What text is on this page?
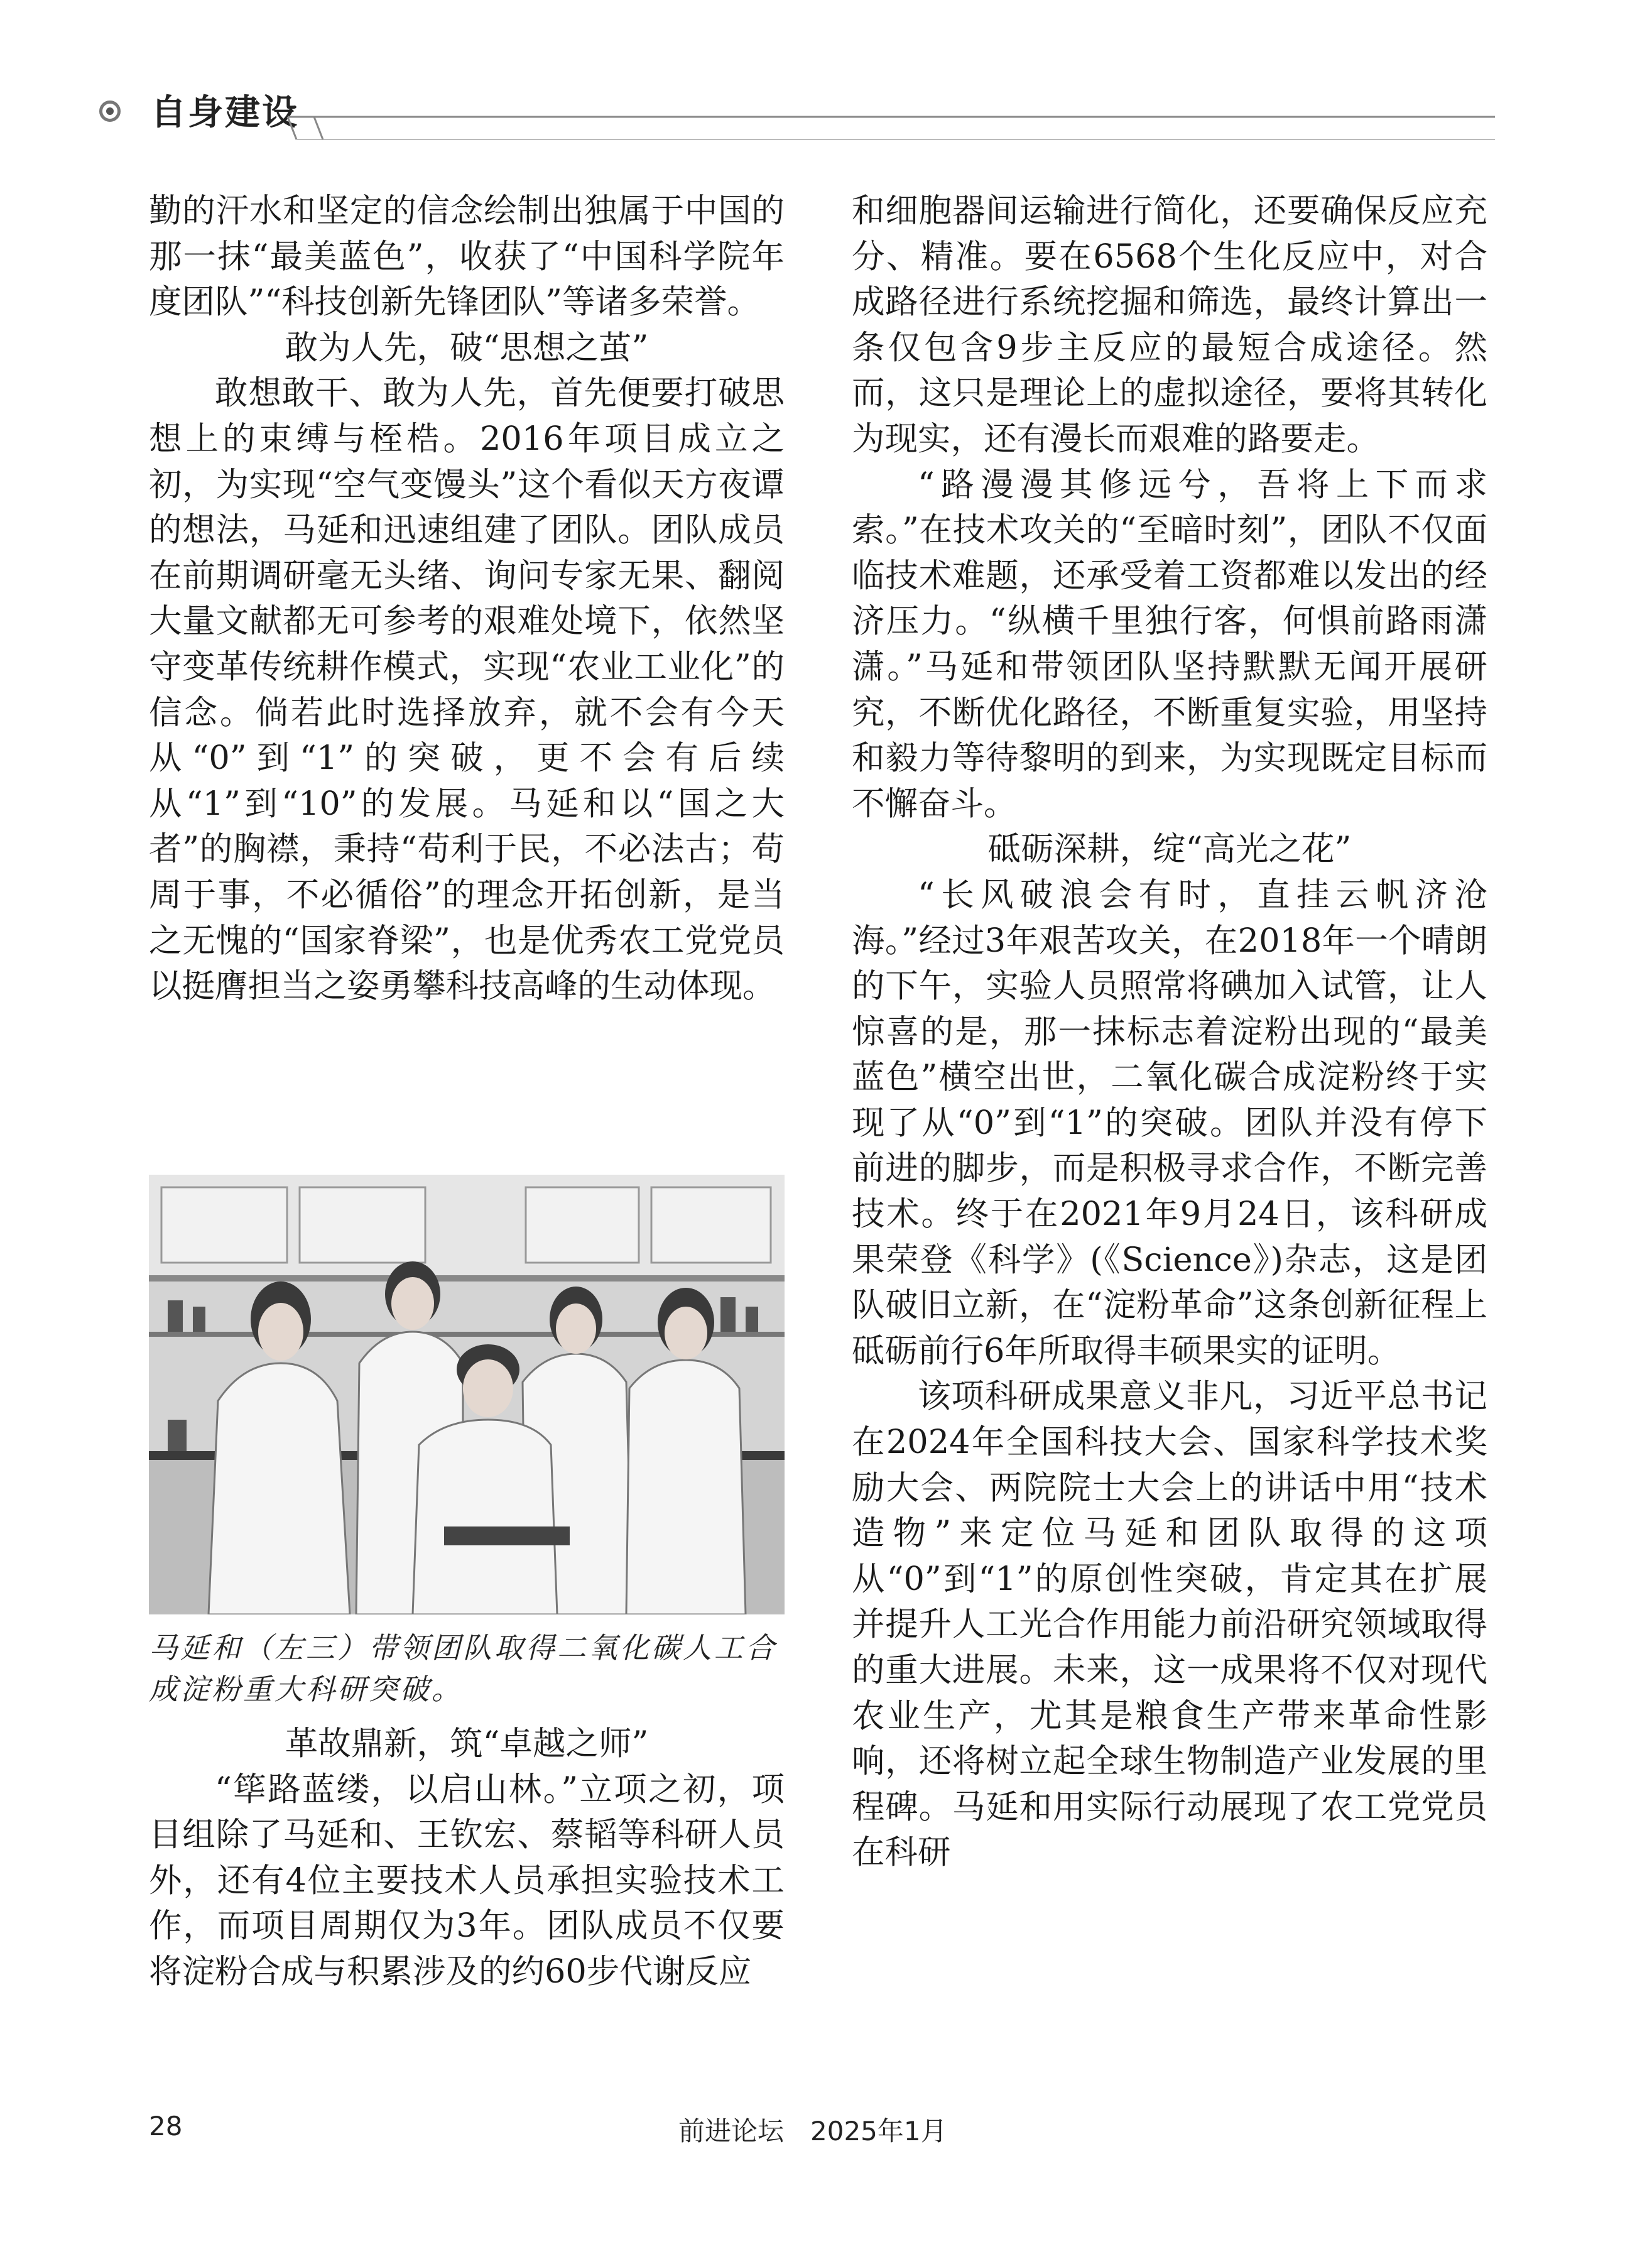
自身建设

勤的汗水和坚定的信念绘制出独属于中国的那一抹“最美蓝色”，收获了“中国科学院年度团队”“科技创新先锋团队”等诸多荣誉。

敢为人先，破“思想之茧”

敢想敢干、敢为人先，首先便要打破思想上的束缚与桎梏。2016年项目成立之初，为实现“空气变馒头”这个看似天方夜谭的想法，马延和迅速组建了团队。团队成员在前期调研毫无头绪、询问专家无果、翻阅大量文献都无可参考的艰难处境下，依然坚守变革传统耕作模式，实现“农业工业化”的信念。倘若此时选择放弃，就不会有今天从“0”到“1”的突破，更不会有后续从“1”到“10”的发展。马延和以“国之大者”的胸襟，秉持“苟利于民，不必法古；苟周于事，不必循俗”的理念开拓创新，是当之无愧的“国家脊梁”，也是优秀农工党党员以挺膺担当之姿勇攀科技高峰的生动体现。

马延和（左三）带领团队取得二氧化碳人工合成淀粉重大科研突破。
革故鼎新，筑“卓越之师”

“筚路蓝缕，以启山林。”立项之初，项目组除了马延和、王钦宏、蔡韬等科研人员外，还有4位主要技术人员承担实验技术工作，而项目周期仅为3年。团队成员不仅要将淀粉合成与积累涉及的约60步代谢反应

和细胞器间运输进行简化，还要确保反应充分、精准。要在6568个生化反应中，对合成路径进行系统挖掘和筛选，最终计算出一条仅包含9步主反应的最短合成途径。然而，这只是理论上的虚拟途径，要将其转化为现实，还有漫长而艰难的路要走。

“路漫漫其修远兮，吾将上下而求索。”在技术攻关的“至暗时刻”，团队不仅面临技术难题，还承受着工资都难以发出的经济压力。“纵横千里独行客，何惧前路雨潇潇。”马延和带领团队坚持默默无闻开展研究，不断优化路径，不断重复实验，用坚持和毅力等待黎明的到来，为实现既定目标而不懈奋斗。

砥砺深耕，绽“高光之花”

“长风破浪会有时，直挂云帆济沧海。”经过3年艰苦攻关，在2018年一个晴朗的下午，实验人员照常将碘加入试管，让人惊喜的是，那一抹标志着淀粉出现的“最美蓝色”横空出世，二氧化碳合成淀粉终于实现了从“0”到“1”的突破。团队并没有停下前进的脚步，而是积极寻求合作，不断完善技术。终于在2021年9月24日，该科研成果荣登《科学》(《Science》)杂志，这是团队破旧立新，在“淀粉革命”这条创新征程上砥砺前行6年所取得丰硕果实的证明。

该项科研成果意义非凡，习近平总书记在2024年全国科技大会、国家科学技术奖励大会、两院院士大会上的讲话中用“技术造物”来定位马延和团队取得的这项从“0”到“1”的原创性突破，肯定其在扩展并提升人工光合作用能力前沿研究领域取得的重大进展。未来，这一成果将不仅对现代农业生产，尤其是粮食生产带来革命性影响，还将树立起全球生物制造产业发展的里程碑。马延和用实际行动展现了农工党党员在科研

28	前进论坛 2025年1月
